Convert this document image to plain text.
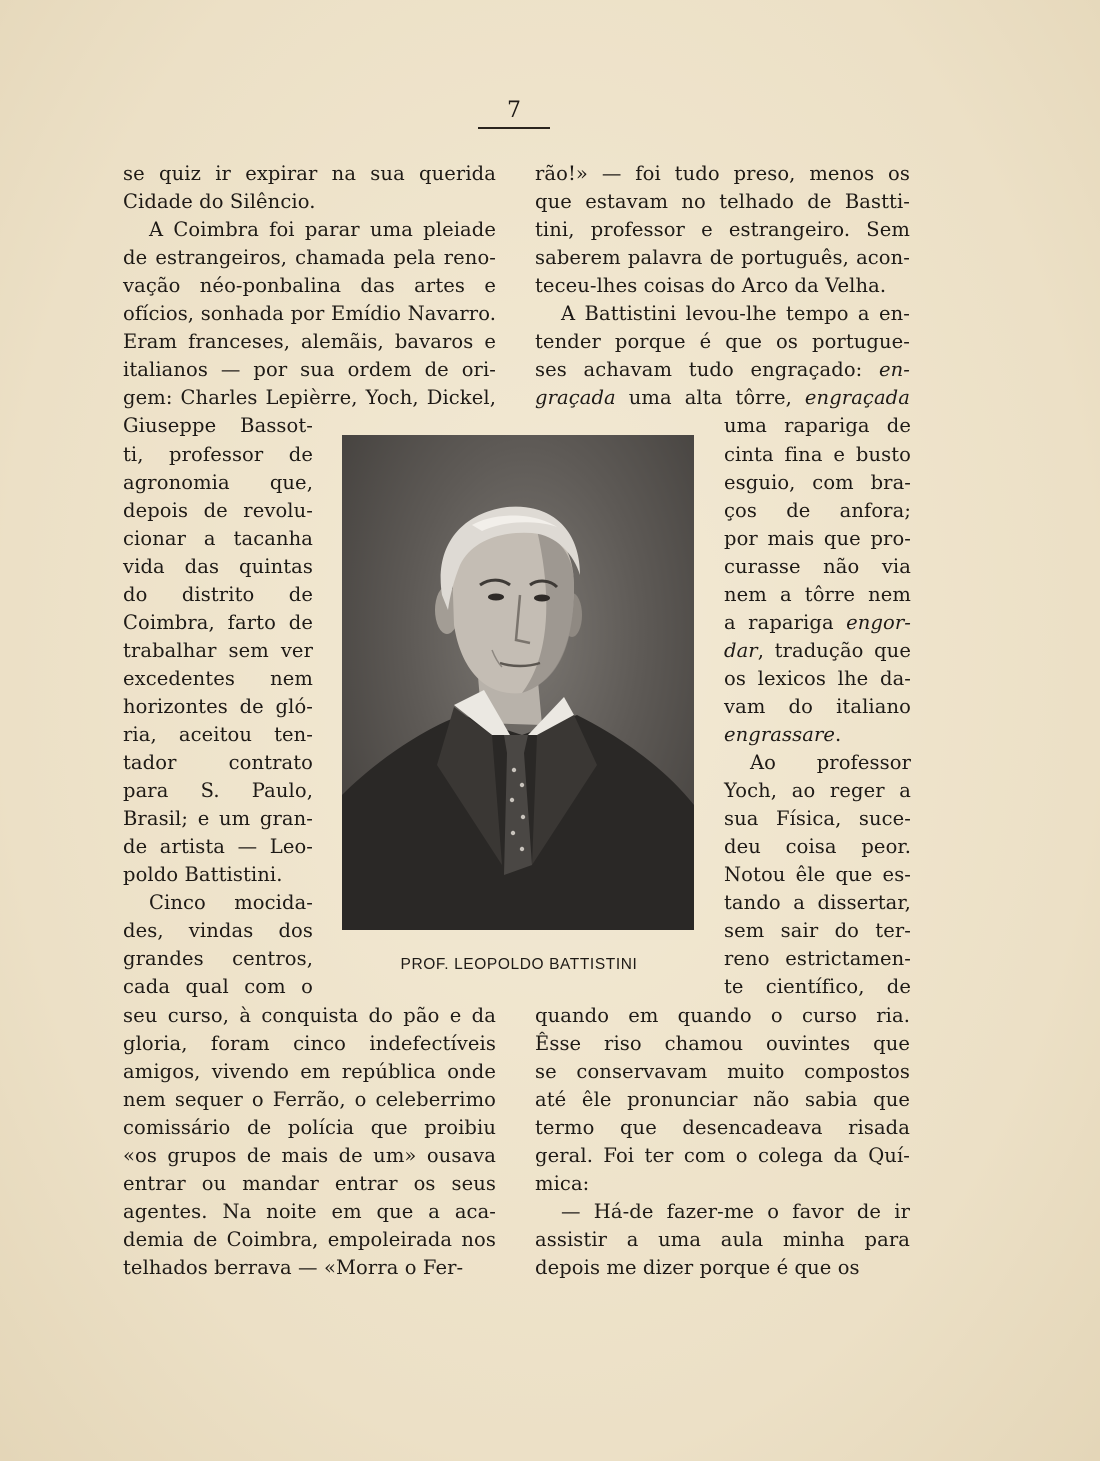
7
se quiz ir expirar na sua querida
Cidade do Silêncio.
A Coimbra foi parar uma pleiade
de estrangeiros, chamada pela reno-
vação néo-ponbalina das artes e
ofícios, sonhada por Emídio Navarro.
Eram franceses, alemãis, bavaros e
italianos — por sua ordem de ori-
gem: Charles Lepièrre, Yoch, Dickel,
Giuseppe Bassot-
ti, professor de
agronomia que,
depois de revolu-
cionar a tacanha
vida das quintas
do distrito de
Coimbra, farto de
trabalhar sem ver
excedentes nem
horizontes de gló-
ria, aceitou ten-
tador contrato
para S. Paulo,
Brasil; e um gran-
de artista — Leo-
poldo Battistini.
Cinco mocida-
des, vindas dos
grandes centros,
cada qual com o
seu curso, à conquista do pão e da
gloria, foram cinco indefectíveis
amigos, vivendo em república onde
nem sequer o Ferrão, o celeberrimo
comissário de polícia que proibiu
«os grupos de mais de um» ousava
entrar ou mandar entrar os seus
agentes. Na noite em que a aca-
demia de Coimbra, empoleirada nos
telhados berrava — «Morra o Fer-
rão!» — foi tudo preso, menos os
que estavam no telhado de Bastti-
tini, professor e estrangeiro. Sem
saberem palavra de português, acon-
teceu-lhes coisas do Arco da Velha.
A Battistini levou-lhe tempo a en-
tender porque é que os portugue-
ses achavam tudo engraçado: en-
graçada uma alta tôrre, engraçada
uma rapariga de
cinta fina e busto
esguio, com bra-
ços de anfora;
por mais que pro-
curasse não via
nem a tôrre nem
a rapariga engor-
dar, tradução que
os lexicos lhe da-
vam do italiano
engrassare.
Ao professor
Yoch, ao reger a
sua Física, suce-
deu coisa peor.
Notou êle que es-
tando a dissertar,
sem sair do ter-
reno estrictamen-
te científico, de
quando em quando o curso ria.
Êsse riso chamou ouvintes que
se conservavam muito compostos
até êle pronunciar não sabia que
termo que desencadeava risada
geral. Foi ter com o colega da Quí-
mica:
— Há-de fazer-me o favor de ir
assistir a uma aula minha para
depois me dizer porque é que os
PROF. LEOPOLDO BATTISTINI
